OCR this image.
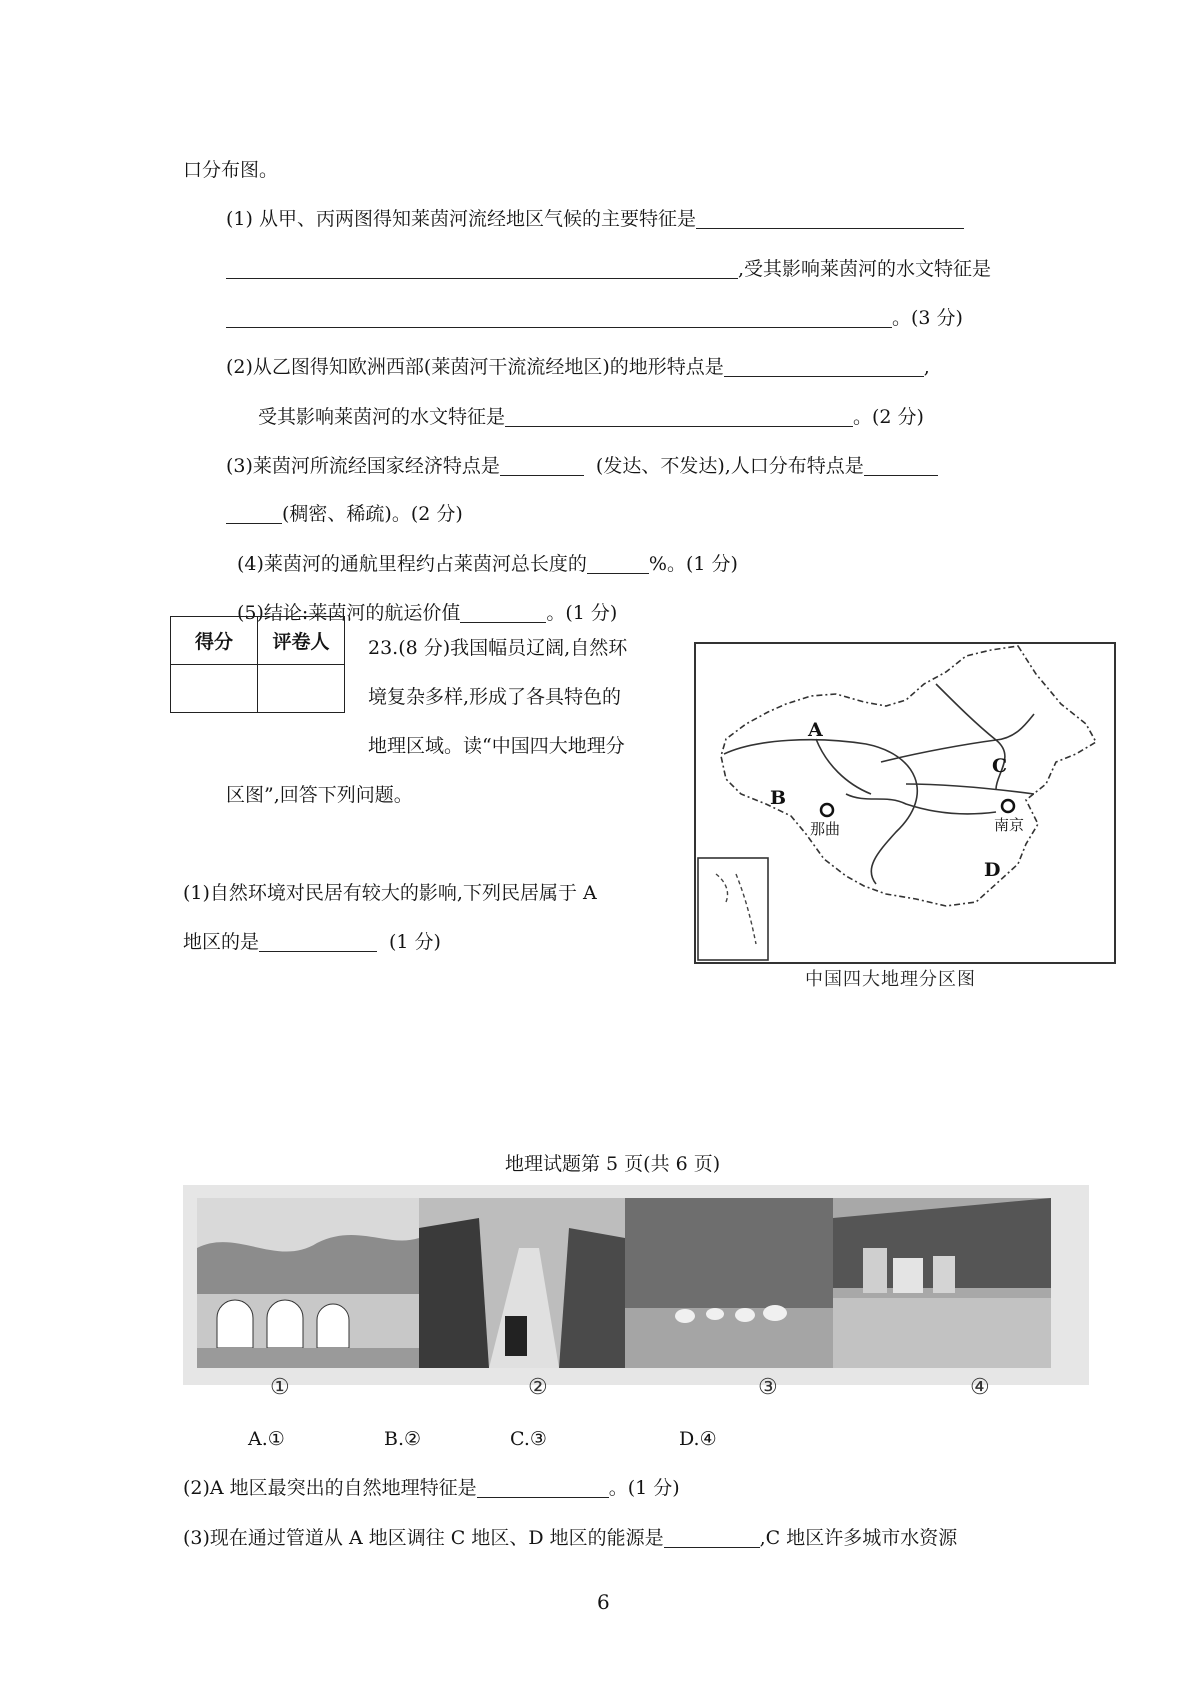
口分布图。
(1) 从甲、丙两图得知莱茵河流经地区气候的主要特征是
,受其影响莱茵河的水文特征是
。(3 分)
(2)从乙图得知欧洲西部(莱茵河干流流经地区)的地形特点是	,
受其影响莱茵河的水文特征是	。(2 分)
(3)莱茵河所流经国家经济特点是	(发达、不发达),人口分布特点是
(稠密、稀疏)。(2 分)
(4)莱茵河的通航里程约占莱茵河总长度的	%。(1 分)
(5)结论:莱茵河的航运价值	。(1 分)
得分	评卷人
	23.(8 分)我国幅员辽阔,自然环
境复杂多样,形成了各具特色的
地理区域。读“中国四大地理分
区图”,回答下列问题。
(1)自然环境对民居有较大的影响,下列民居属于 A
地区的是	(1 分)
A
B
C
D
那曲	南京
中国四大地理分区图
地理试题第 5 页(共 6 页)
①	②	③	④
A.①	B.②	C.③	D.④
(2)A 地区最突出的自然地理特征是	。(1 分)
(3)现在通过管道从 A 地区调往 C 地区、D 地区的能源是	,C 地区许多城市水资源
6
